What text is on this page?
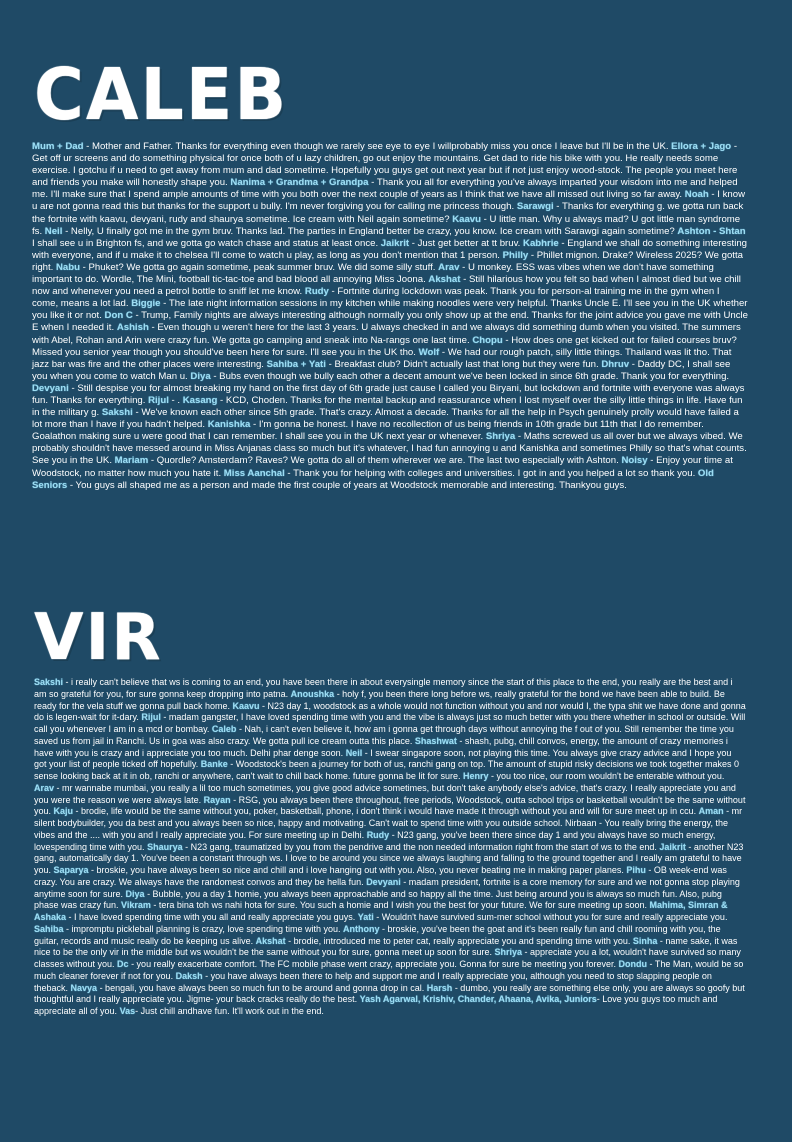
CALEB

Mum + Dad - Mother and Father. Thanks for everything even though we rarely see eye to eye I willprobably miss you once I leave but I'll be in the UK. Ellora + Jago - Get off ur screens and do something physical for once both of u lazy children, go out enjoy the mountains. Get dad to ride his bike with you. He really needs some exercise. I gotchu if u need to get away from mum and dad sometime. Hopefully you guys get out next year but if not just enjoy wood-stock. The people you meet here and friends you make will honestly shape you. Nanima + Grandma + Grandpa - Thank you all for everything you've always imparted your wisdom into me and helped me. I'll make sure that I spend ample amounts of time with you both over the next couple of years as I think that we have all missed out living so far away. Noah - I know u are not gonna read this but thanks for the support u bully. I'm never forgiving you for calling me princess though. Sarawgi - Thanks for everything g. we gotta run back the fortnite with kaavu, devyani, rudy and shaurya sometime. Ice cream with Neil again sometime? Kaavu - U little man. Why u always mad? U got little man syndrome fs. Neil - Nelly, U finally got me in the gym bruv. Thanks lad. The parties in England better be crazy, you know. Ice cream with Sarawgi again sometime? Ashton - Shtan I shall see u in Brighton fs, and we gotta go watch chase and status at least once. Jaikrit - Just get better at tt bruv. Kabhrie - England we shall do something interesting with everyone, and if u make it to chelsea I'll come to watch u play, as long as you don't mention that 1 person. Philly - Phillet mignon. Drake? Wireless 2025? We gotta right. Nabu - Phuket? We gotta go again sometime, peak summer bruv. We did some silly stuff. Arav - U monkey. ESS was vibes when we don't have something important to do. Wordle, The Mini, football tic-tac-toe and bad blood all annoying Miss Joona. Akshat - Still hilarious how you felt so bad when I almost died but we chill now and whenever you need a petrol bottle to sniff let me know. Rudy - Fortnite during lockdown was peak. Thank you for person-al training me in the gym when I come, means a lot lad. Biggie - The late night information sessions in my kitchen while making noodles were very helpful. Thanks Uncle E. I'll see you in the UK whether you like it or not. Don C - Trump, Family nights are always interesting although normally you only show up at the end. Thanks for the joint advice you gave me with Uncle E when I needed it. Ashish - Even though u weren't here for the last 3 years. U always checked in and we always did something dumb when you visited. The summers with Abel, Rohan and Arin were crazy fun. We gotta go camping and sneak into Na-rangs one last time. Chopu - How does one get kicked out for failed courses bruv? Missed you senior year though you should've been here for sure. I'll see you in the UK tho. Wolf - We had our rough patch, silly little things. Thailand was lit tho. That jazz bar was fire and the other places were interesting. Sahiba + Yati - Breakfast club? Didn't actually last that long but they were fun. Dhruv - Daddy DC, I shall see you when you come to watch Man u. Diya - Bubs even though we bully each other a decent amount we've been locked in since 6th grade. Thank you for everything. Devyani - Still despise you for almost breaking my hand on the first day of 6th grade just cause I called you Biryani, but lockdown and fortnite with everyone was always fun. Thanks for everything. Rijul - . Kasang - KCD, Choden. Thanks for the mental backup and reassurance when I lost myself over the silly little things in life. Have fun in the military g. Sakshi - We've known each other since 5th grade. That's crazy. Almost a decade. Thanks for all the help in Psych genuinely prolly would have failed a lot more than I have if you hadn't helped. Kanishka - I'm gonna be honest. I have no recollection of us being friends in 10th grade but 11th that I do remember. Goalathon making sure u were good that I can remember. I shall see you in the UK next year or whenever. Shriya - Maths screwed us all over but we always vibed. We probably shouldn't have messed around in Miss Anjanas class so much but it's whatever, I had fun annoying u and Kanishka and sometimes Philly so that's what counts. See you in the UK. Mariam - Quordle? Amsterdam? Raves? We gotta do all of them wherever we are. The last two especially with Ashton. Noisy - Enjoy your time at Woodstock, no matter how much you hate it. Miss Aanchal - Thank you for helping with colleges and universities. I got in and you helped a lot so thank you. Old Seniors - You guys all shaped me as a person and made the first couple of years at Woodstock memorable and interesting. Thankyou guys.

VIR

Sakshi - i really can't believe that ws is coming to an end, you have been there in about everysingle memory since the start of this place to the end, you really are the best and i am so grateful for you, for sure gonna keep dropping into patna. Anoushka - holy f, you been there long before ws, really grateful for the bond we have been able to build. Be ready for the vela stuff we gonna pull back home. Kaavu - N23 day 1, woodstock as a whole would not function without you and nor would I, the typa shit we have done and gonna do is legen-wait for it-dary. Rijul - madam gangster, I have loved spending time with you and the vibe is always just so much better with you there whether in school or outside. Will call you whenever I am in a mcd or bombay. Caleb - Nah, i can't even believe it, how am i gonna get through days without annoying the f out of you. Still remember the time you saved us from jail in Ranchi. Us in goa was also crazy. We gotta pull ice cream outta this place. Shashwat - shash, pubg, chill convos, energy, the amount of crazy memories i have with you is crazy and i appreciate you too much. Delhi phar denge soon. Neil - I swear singapore soon, not playing this time. You always give crazy advice and I hope you got your list of people ticked off hopefully. Banke - Woodstock's been a journey for both of us, ranchi gang on top. The amount of stupid risky decisions we took together makes 0 sense looking back at it in ob, ranchi or anywhere, can't wait to chill back home. future gonna be lit for sure. Henry - you too nice, our room wouldn't be enterable without you. Arav - mr wannabe mumbai, you really a lil too much sometimes, you give good advice sometimes, but don't take anybody else's advice, that's crazy. I really appreciate you and you were the reason we were always late. Rayan - RSG, you always been there throughout, free periods, Woodstock, outta school trips or basketball wouldn't be the same without you. Kaju - brodie, life would be the same without you, poker, basketball, phone, i don't think i would have made it through without you and will for sure meet up in ccu. Aman - mr silent bodybuilder, you da best and you always been so nice, happy and motivating. Can't wait to spend time with you outside school. Nirbaan - You really bring the energy, the vibes and the .... with you and I really appreciate you. For sure meeting up in Delhi. Rudy - N23 gang, you've been there since day 1 and you always have so much energy, lovespending time with you. Shaurya - N23 gang, traumatized by you from the pendrive and the non needed information right from the start of ws to the end. Jaikrit - another N23 gang, automatically day 1. You've been a constant through ws. I love to be around you since we always laughing and falling to the ground together and I really am grateful to have you. Saparya - broskie, you have always been so nice and chill and i love hanging out with you. Also, you never beating me in making paper planes. Pihu - OB week-end was crazy. You are crazy. We always have the randomest convos and they be hella fun. Devyani - madam president, fortnite is a core memory for sure and we not gonna stop playing anytime soon for sure. Diya - Bubble, you a day 1 homie, you always been approachable and so happy all the time. Just being around you is always so much fun. Also, pubg phase was crazy fun. Vikram - tera bina toh ws nahi hota for sure. You such a homie and I wish you the best for your future. We for sure meeting up soon. Mahima, Simran & Ashaka - I have loved spending time with you all and really appreciate you guys. Yati - Wouldn't have survived sum-mer school without you for sure and really appreciate you. Sahiba - impromptu pickleball planning is crazy, love spending time with you. Anthony - broskie, you've been the goat and it's been really fun and chill rooming with you, the guitar, records and music really do be keeping us alive. Akshat - brodie, introduced me to peter cat, really appreciate you and spending time with you. Sinha - name sake, it was nice to be the only vir in the middle but ws wouldn't be the same without you for sure, gonna meet up soon for sure. Shriya - appreciate you a lot, wouldn't have survived so many classes without you. Dc - you really exacerbate comfort. The FC mobile phase went crazy, appreciate you. Gonna for sure be meeting you forever. Dondu - The Man, would be so much cleaner forever if not for you. Daksh - you have always been there to help and support me and I really appreciate you, although you need to stop slapping people on theback. Navya - bengali, you have always been so much fun to be around and gonna drop in cal. Harsh - dumbo, you really are something else only, you are always so goofy but thoughtful and I really appreciate you. Jigme- your back cracks really do the best. Yash Agarwal, Krishiv, Chander, Ahaana, Avika, Juniors- Love you guys too much and appreciate all of you. Vas- Just chill andhave fun. It'll work out in the end.
